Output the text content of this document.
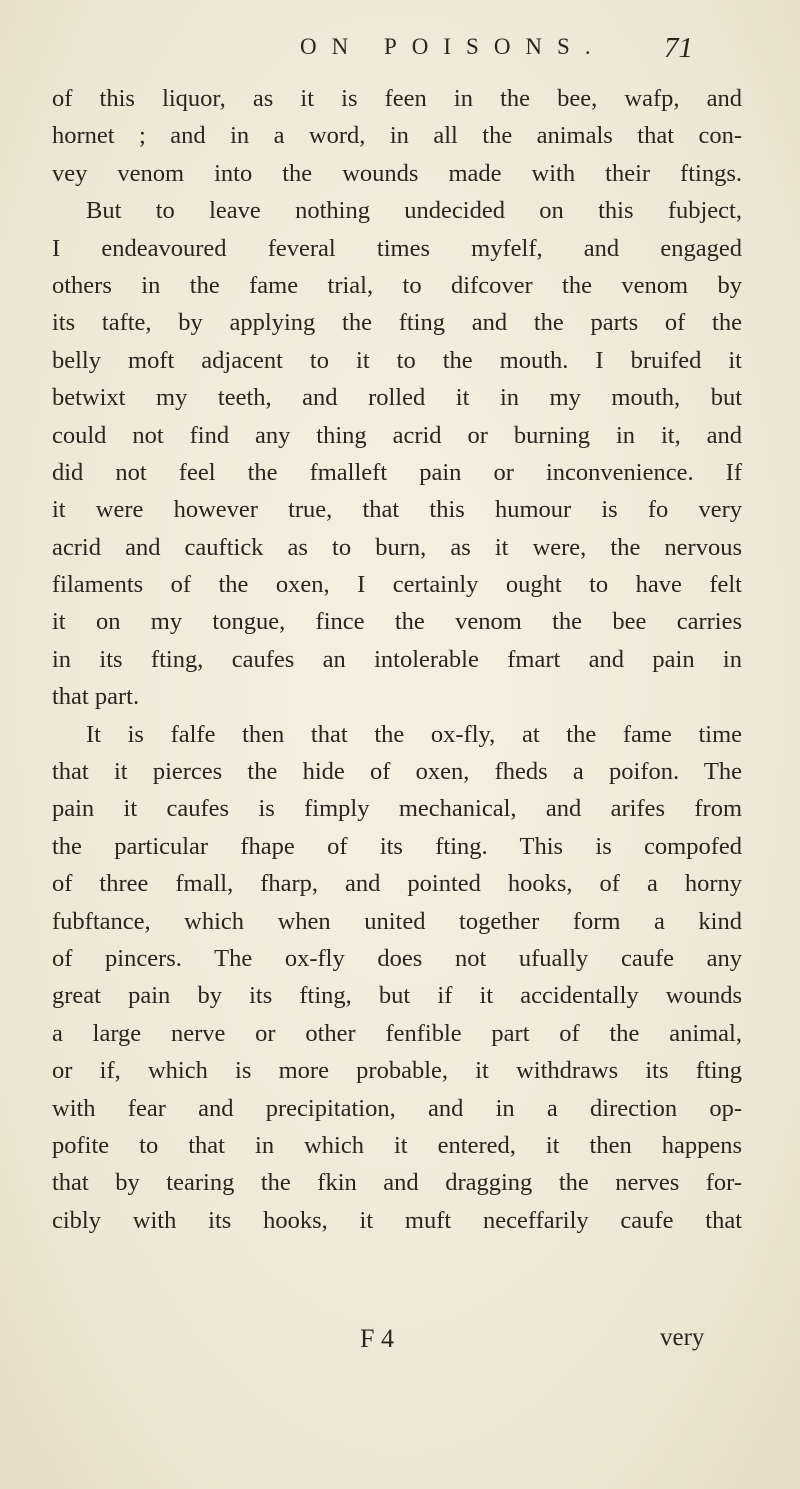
ON POISONS. 71
of this liquor, as it is feen in the bee, wafp, and
hornet ; and in a word, in all the animals that con-
vey venom into the wounds made with their ftings.
But to leave nothing undecided on this fubject,
I endeavoured feveral times myfelf, and engaged
others in the fame trial, to difcover the venom by
its tafte, by applying the fting and the parts of the
belly moft adjacent to it to the mouth. I bruifed it
betwixt my teeth, and rolled it in my mouth, but
could not find any thing acrid or burning in it, and
did not feel the fmalleft pain or inconvenience. If
it were however true, that this humour is fo very
acrid and cauftick as to burn, as it were, the nervous
filaments of the oxen, I certainly ought to have felt
it on my tongue, fince the venom the bee carries
in its fting, caufes an intolerable fmart and pain in
that part.
It is falfe then that the ox-fly, at the fame time
that it pierces the hide of oxen, fheds a poifon. The
pain it caufes is fimply mechanical, and arifes from
the particular fhape of its fting. This is compofed
of three fmall, fharp, and pointed hooks, of a horny
fubftance, which when united together form a kind
of pincers. The ox-fly does not ufually caufe any
great pain by its fting, but if it accidentally wounds
a large nerve or other fenfible part of the animal,
or if, which is more probable, it withdraws its fting
with fear and precipitation, and in a direction op-
pofite to that in which it entered, it then happens
that by tearing the fkin and dragging the nerves for-
cibly with its hooks, it muft neceffarily caufe that
F 4	very
